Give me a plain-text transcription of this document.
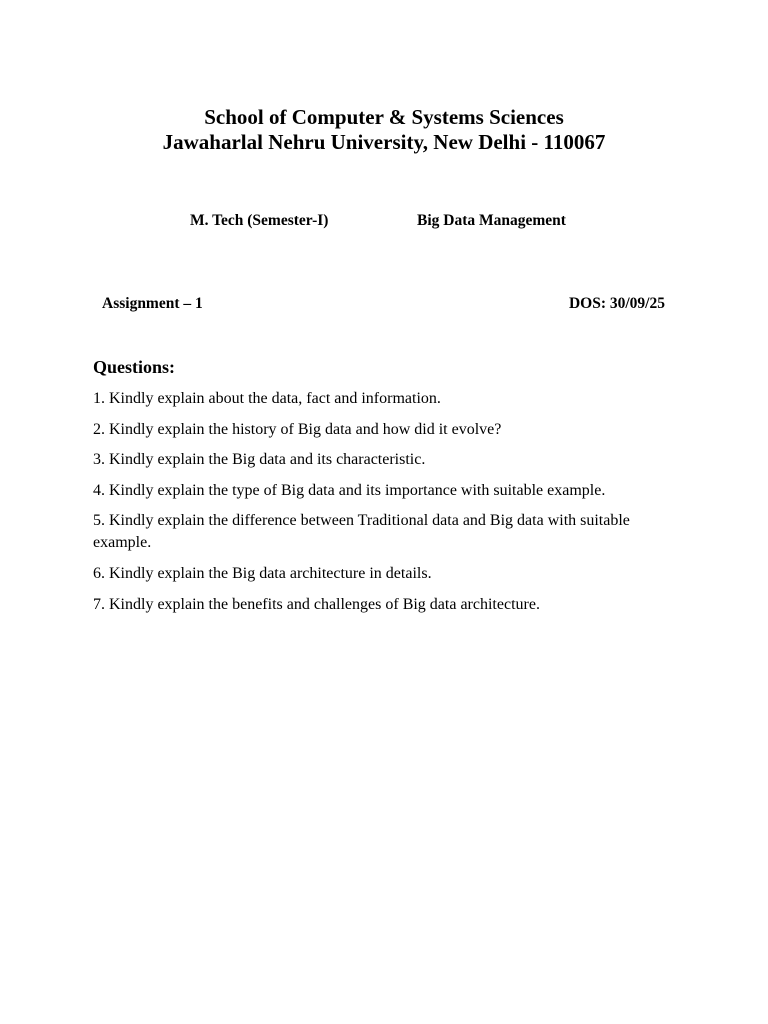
School of Computer & Systems Sciences
Jawaharlal Nehru University, New Delhi - 110067
M. Tech (Semester-I)	Big Data Management
Assignment – 1	DOS: 30/09/25
Questions:
1. Kindly explain about the data, fact and information.
2. Kindly explain the history of Big data and how did it evolve?
3. Kindly explain the Big data and its characteristic.
4. Kindly explain the type of Big data and its importance with suitable example.
5. Kindly explain the difference between Traditional data and Big data with suitable example.
6. Kindly explain the Big data architecture in details.
7. Kindly explain the benefits and challenges of Big data architecture.
